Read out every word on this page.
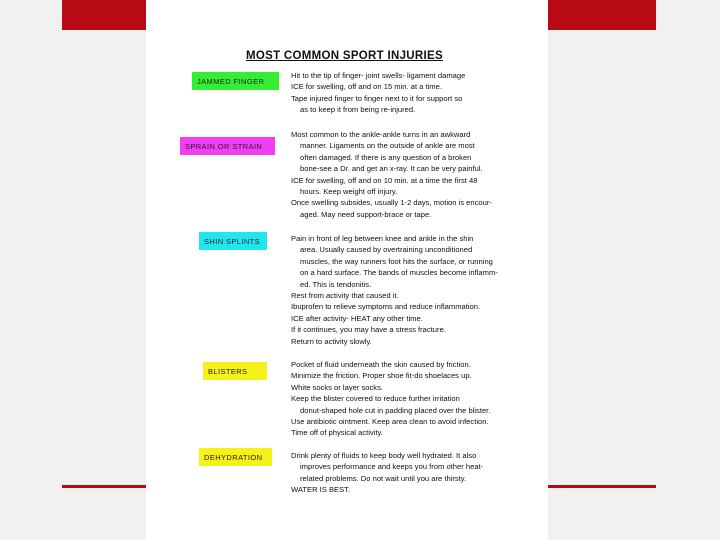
MOST COMMON SPORT INJURIES
JAMMED FINGER
Hit to the tip of finger- joint swells- ligament damage
ICE for swelling, off and on 15 min. at a time.
Tape injured finger to finger next to it for support so
as to keep it from being re-injured.
SPRAIN OR STRAIN
Most common to the ankle-ankle turns in an awkward
manner. Ligaments on the outside of ankle are most
often damaged. If there is any question of a broken
bone-see a Dr. and get an x-ray. It can be very painful.
ICE for swelling, off and on 10 min. at a time the first 48
hours. Keep weight off injury.
Once swelling subsides, usually 1-2 days, motion is encour-
aged. May need support-brace or tape.
SHIN SPLINTS	Pain in front of leg between knee and ankle in the shin
area. Usually caused by overtraining unconditioned
muscles, the way runners foot hits the surface, or running
on a hard surface. The bands of muscles become inflamm-
ed. This is tendonitis.
Rest from activity that caused it.
Ibuprofen to relieve symptoms and reduce inflammation.
ICE after activity- HEAT any other time.
If it continues, you may have a stress fracture.
Return to activity slowly.
BLISTERS
Pocket of fluid underneath the skin caused by friction.
Minimize the friction. Proper shoe fit-do shoelaces up.
White socks or layer socks.
Keep the blister covered to reduce further irritation
donut-shaped hole cut in padding placed over the blister.
Use antibiotic ointment. Keep area clean to avoid infection.
Time off of physical activity.
DEHYDRATION	Drink plenty of fluids to keep body well hydrated. It also
improves performance and keeps you from other heat-
related problems. Do not wait until you are thirsty.
WATER IS BEST.
